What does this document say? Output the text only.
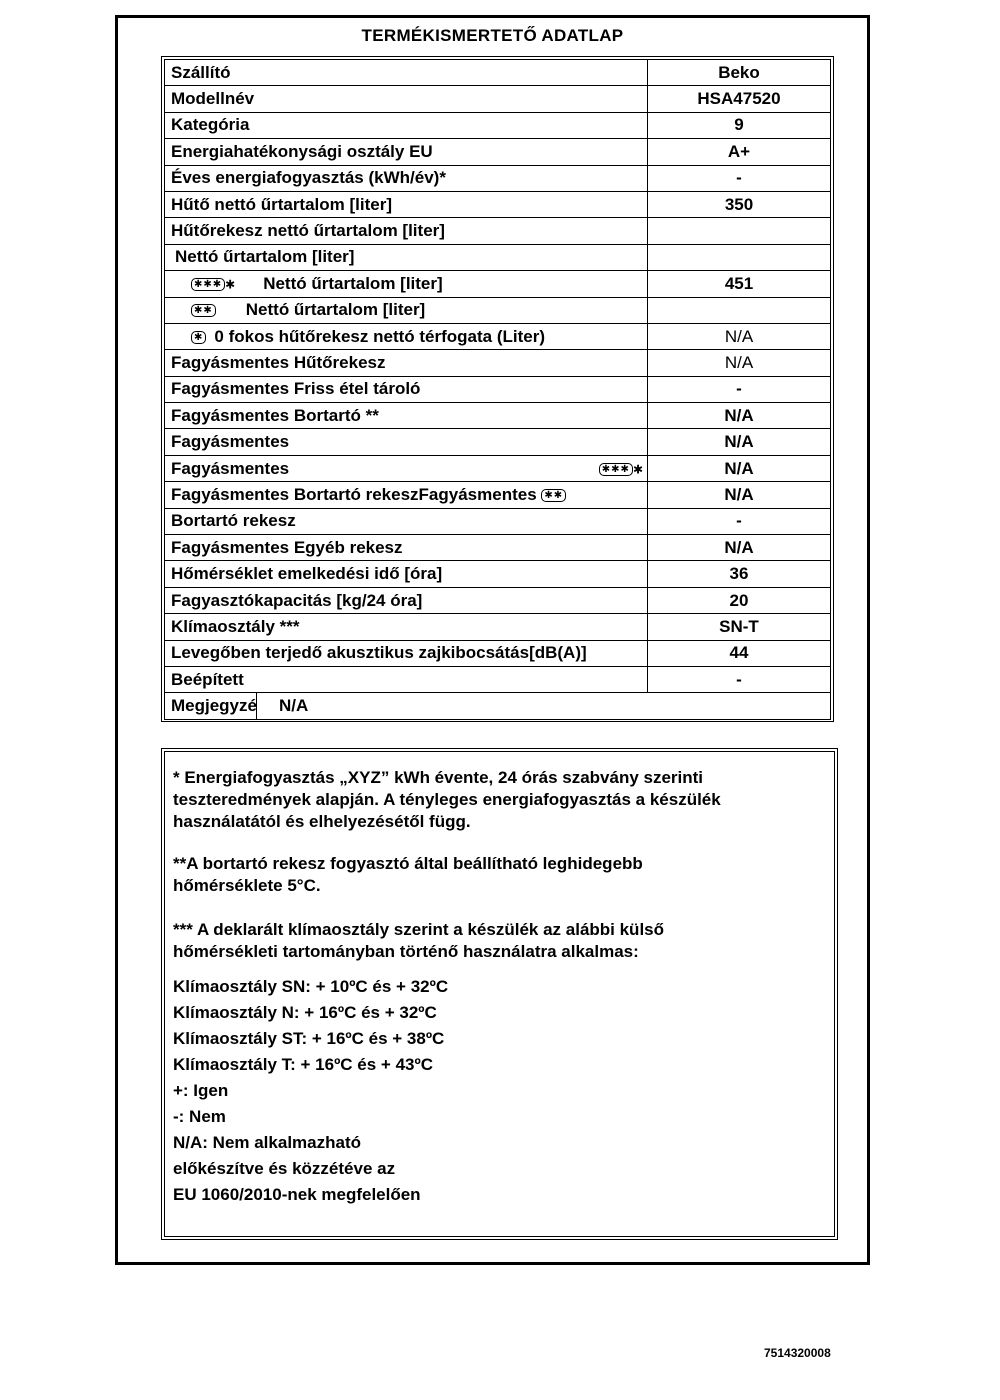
TERMÉKISMERTETŐ ADATLAP
Szállító	Beko
Modellnév	HSA47520
Kategória	9
Energiahatékonysági osztály EU	A+
Éves energiafogyasztás (kWh/év)*	-
Hűtő nettó űrtartalom [liter]	350
Hűtőrekesz nettó űrtartalom [liter]	
Nettó űrtartalom [liter]	
✱✱✱ ✱ Nettó űrtartalom [liter]	451
✱✱ Nettó űrtartalom [liter]	
✱ 0 fokos hűtőrekesz nettó térfogata (Liter)	N/A
Fagyásmentes Hűtőrekesz	N/A
Fagyásmentes Friss étel tároló	-
Fagyásmentes Bortartó **	N/A
Fagyásmentes	N/A
Fagyásmentes ✱✱✱ ✱	N/A
Fagyásmentes Bortartó rekeszFagyásmentes ✱✱	N/A
Bortartó rekesz	-
Fagyásmentes Egyéb rekesz	N/A
Hőmérséklet emelkedési idő [óra]	36
Fagyasztókapacitás [kg/24 óra]	20
Klímaosztály ***	SN-T
Levegőben terjedő akusztikus zajkibocsátás[dB(A)]	44
Beépített	-
Megjegyzé N/A	

* Energiafogyasztás „XYZ” kWh évente, 24 órás szabvány szerinti

teszteredmények alapján. A tényleges energiafogyasztás a készülék

használatától és elhelyezésétől függ.

**A bortartó rekesz fogyasztó által beállítható leghidegebb

hőmérséklete 5°C.

*** A deklarált klímaosztály szerint a készülék az alábbi külső

hőmérsékleti tartományban történő használatra alkalmas:

Klímaosztály SN: + 10ºC és + 32ºC

Klímaosztály N: + 16ºC és + 32ºC

Klímaosztály ST: + 16ºC és + 38ºC

Klímaosztály T: + 16ºC és + 43ºC

+: Igen

-: Nem

N/A: Nem alkalmazható

előkészítve és közzétéve az

EU 1060/2010-nek megfelelően

7514320008
